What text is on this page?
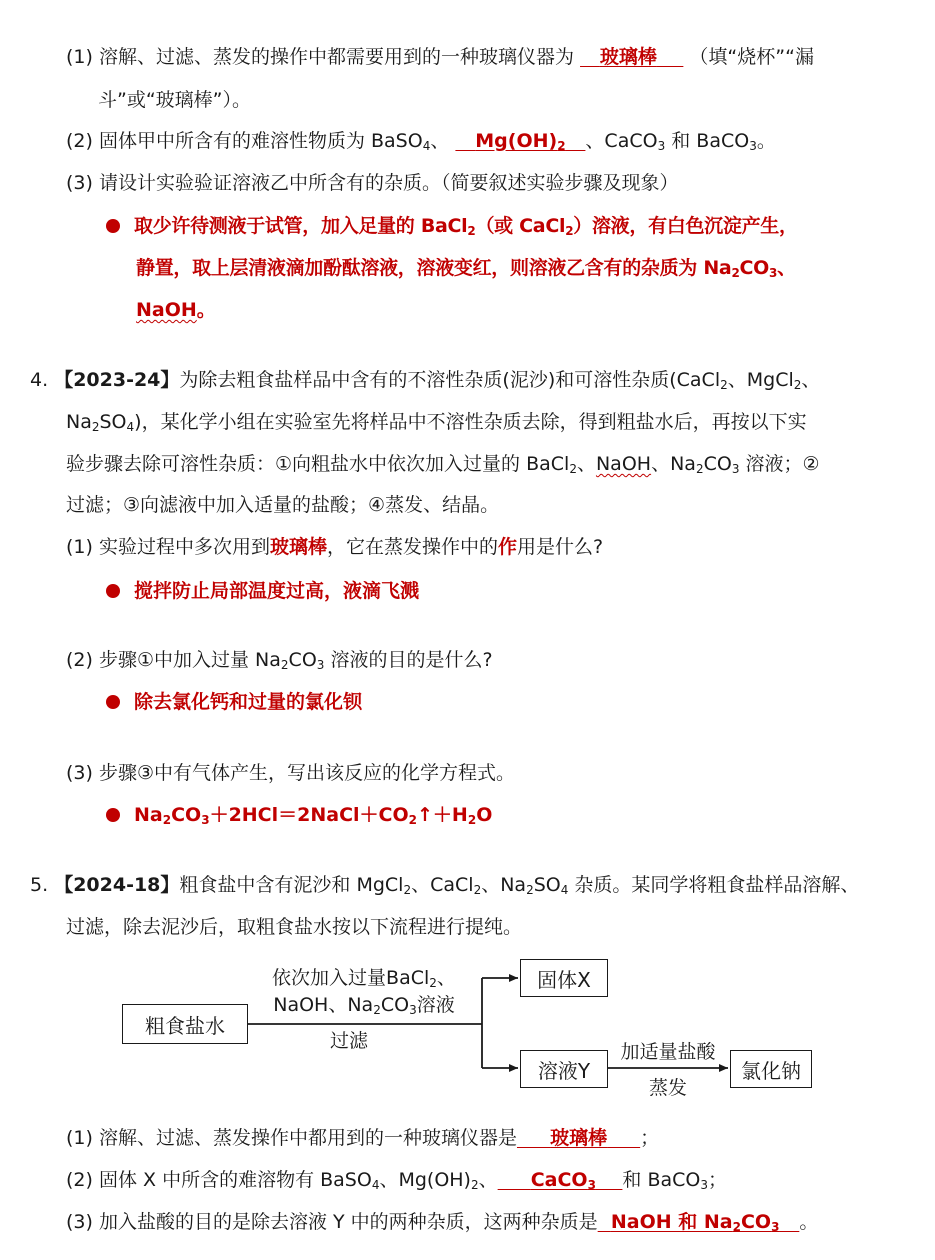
(1) 溶解、过滤、蒸发的操作中都需要用到的一种玻璃仪器为 玻璃棒 （填“烧杯”“漏
斗”或“玻璃棒”）。
(2) 固体甲中所含有的难溶性物质为 BaSO$_4$、 $Mg(OH)_2$ 、CaCO$_3$ 和 BaCO$_3$。
(3) 请设计实验验证溶液乙中所含有的杂质。（简要叙述实验步骤及现象）
取少许待测液于试管，加入足量的 BaCl$_2$（或 CaCl$_2$）溶液，有白色沉淀产生，
静置，取上层清液滴加酚酞溶液，溶液变红，则溶液乙含有的杂质为 $Na_2CO_3$、
NaOH。
4. 【2023-24】为除去粗食盐样品中含有的不溶性杂质(泥沙)和可溶性杂质(CaCl$_2$、MgCl$_2$、
$Na_2SO_4$)，某化学小组在实验室先将样品中不溶性杂质去除，得到粗盐水后，再按以下实
验步骤去除可溶性杂质：①向粗盐水中依次加入过量的 BaCl$_2$、NaOH、$Na_2CO_3$ 溶液；②
过滤；③向滤液中加入适量的盐酸；④蒸发、结晶。
(1) 实验过程中多次用到玻璃棒，它在蒸发操作中的作用是什么?
搅拌防止局部温度过高，液滴飞溅
(2) 步骤①中加入过量 $Na_2CO_3$ 溶液的目的是什么?
除去氯化钙和过量的氯化钡
(3) 步骤③中有气体产生，写出该反应的化学方程式。
$Na_2CO_3+2HCl=2NaCl+CO_2↑+H_2O$
5. 【2024-18】粗食盐中含有泥沙和 MgCl$_2$、CaCl$_2$、$Na_2SO_4$ 杂质。某同学将粗食盐样品溶解、
过滤，除去泥沙后，取粗食盐水按以下流程进行提纯。
粗食盐水
固体X
溶液Y	氯化钠
依次加入过量BaCl$_2$、
NaOH、$Na_2CO_3$溶液
过滤	加适量盐酸
蒸发
(1) 溶解、过滤、蒸发操作中都用到的一种玻璃仪器是 玻璃棒 ；
(2) 固体 X 中所含的难溶物有 BaSO$_4$、$Mg(OH)_2$、 CaCO$_3$ 和 BaCO$_3$；
(3) 加入盐酸的目的是除去溶液 Y 中的两种杂质，这两种杂质是 NaOH 和 $Na_2CO_3$ 。
